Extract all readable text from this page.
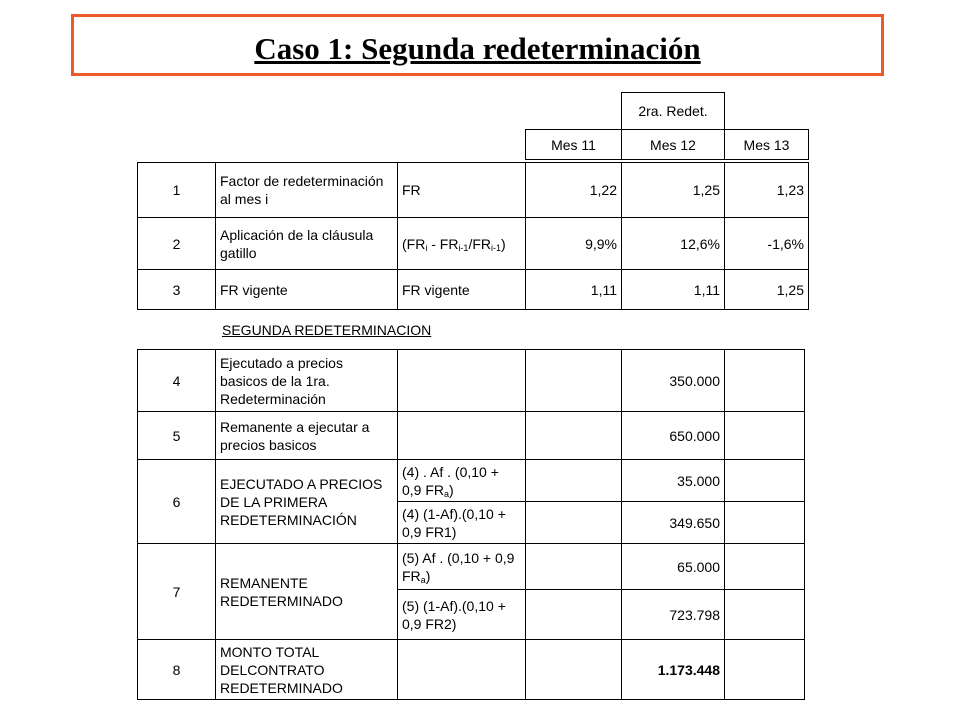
Caso 1: Segunda redeterminación
	2ra. Redet.	
Mes 11	Mes 12	Mes 13
1	Factor de redeterminación al mes i	FR	1,22	1,25	1,23
2	Aplicación de la cláusula gatillo	$(FR_i - FR_{i-1}/FR_{i-1})$	9,9%	12,6%	-1,6%
3	FR vigente	FR vigente	1,11	1,11	1,25
SEGUNDA REDETERMINACION
4	Ejecutado a precios basicos de la 1ra. Redeterminación			350.000	
5	Remanente a ejecutar a precios basicos			650.000	
6	EJECUTADO A PRECIOS DE LA PRIMERA REDETERMINACIÓN	(4) . Af . (0,10 + 0,9 $FR_a$)		35.000	
		(4) (1-Af).(0,10 + 0,9 FR1)		349.650	
7	REMANENTE REDETERMINADO	(5) Af . (0,10 + 0,9 $FR_a$)		65.000	
		(5) (1-Af).(0,10 + 0,9 FR2)		723.798	
8	MONTO TOTAL DELCONTRATO REDETERMINADO			1.173.448	
